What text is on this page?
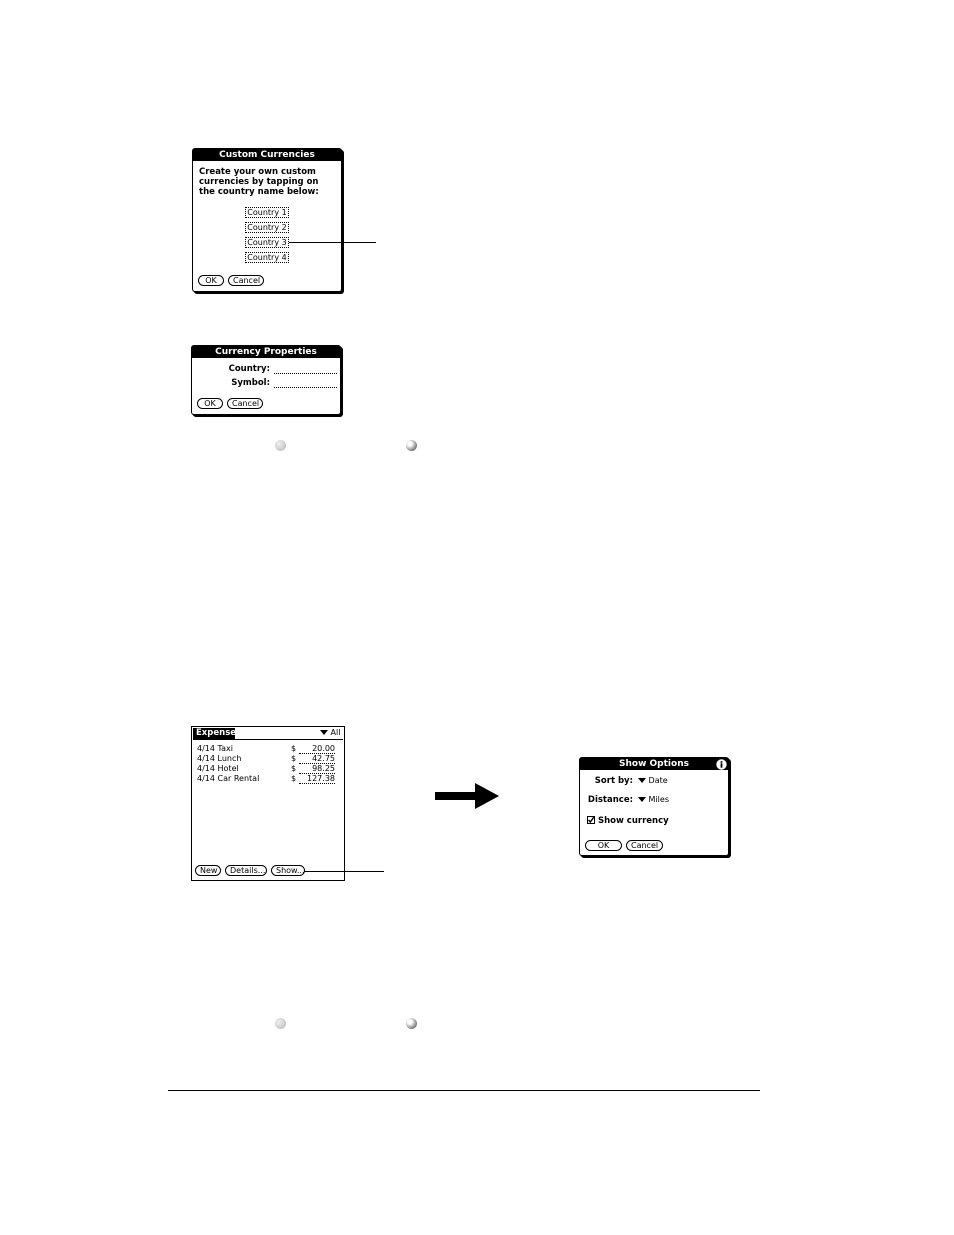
Custom Currencies
Create your own custom
currencies by tapping on
the country name below:
Country 1
Country 2
Country 3
Country 4
OK	Cancel
Currency Properties
Country:
Symbol:
OK	Cancel
Expense	All
4/14 Taxi	$	20.00
4/14 Lunch	$	42.75
4/14 Hotel	$	98.25
4/14 Car Rental	$	127.38
New	Details...	Show...
Show Options
Sort by:	Date
Distance:	Miles
Show currency
OK	Cancel
